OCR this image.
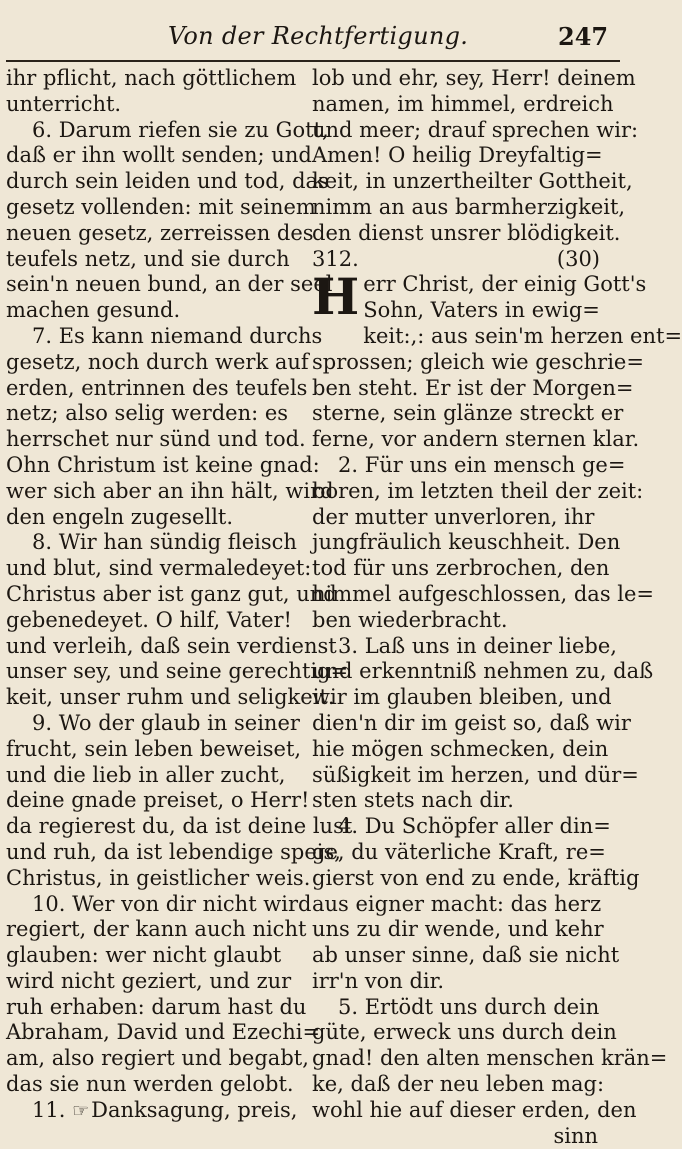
Von der Rechtfertigung.	247
ihr pflicht, nach göttlichem
unterricht.
6. Darum riefen sie zu Gott,
daß er ihn wollt senden; und
durch sein leiden und tod, das
gesetz vollenden: mit seinem
neuen gesetz, zerreissen des
teufels netz, und sie durch
sein'n neuen bund, an der seel
machen gesund.
7. Es kann niemand durchs
gesetz, noch durch werk auf
erden, entrinnen des teufels
netz; also selig werden: es
herrschet nur sünd und tod.
Ohn Christum ist keine gnad:
wer sich aber an ihn hält, wird
den engeln zugesellt.
8. Wir han sündig fleisch
und blut, sind vermaledeyet:
Christus aber ist ganz gut, und
gebenedeyet. O hilf, Vater!
und verleih, daß sein verdienst
unser sey, und seine gerechtig=
keit, unser ruhm und seligkeit.
9. Wo der glaub in seiner
frucht, sein leben beweiset,
und die lieb in aller zucht,
deine gnade preiset, o Herr!
da regierest du, da ist deine lust
und ruh, da ist lebendige speis,
Christus, in geistlicher weis.
10. Wer von dir nicht wird
regiert, der kann auch nicht
glauben: wer nicht glaubt
wird nicht geziert, und zur
ruh erhaben: darum hast du
Abraham, David und Ezechi=
am, also regiert und begabt,
das sie nun werden gelobt.
11. ☞Danksagung, preis,
lob und ehr, sey, Herr! deinem
namen, im himmel, erdreich
und meer; drauf sprechen wir:
Amen! O heilig Dreyfaltig=
keit, in unzertheilter Gottheit,
nimm an aus barmherzigkeit,
den dienst unsrer blödigkeit.
312.	(30)
H err Christ, der einig Gott's
Sohn, Vaters in ewig=
keit:,: aus sein'm herzen ent=
sprossen; gleich wie geschrie=
ben steht. Er ist der Morgen=
sterne, sein glänze streckt er
ferne, vor andern sternen klar.
2. Für uns ein mensch ge=
boren, im letzten theil der zeit:
der mutter unverloren, ihr
jungfräulich keuschheit. Den
tod für uns zerbrochen, den
himmel aufgeschlossen, das le=
ben wiederbracht.
3. Laß uns in deiner liebe,
und erkenntniß nehmen zu, daß
wir im glauben bleiben, und
dien'n dir im geist so, daß wir
hie mögen schmecken, dein
süßigkeit im herzen, und dür=
sten stets nach dir.
4. Du Schöpfer aller din=
ge, du väterliche Kraft, re=
gierst von end zu ende, kräftig
aus eigner macht: das herz
uns zu dir wende, und kehr
ab unser sinne, daß sie nicht
irr'n von dir.
5. Ertödt uns durch dein
güte, erweck uns durch dein
gnad! den alten menschen krän=
ke, daß der neu leben mag:
wohl hie auf dieser erden, den
sinn
